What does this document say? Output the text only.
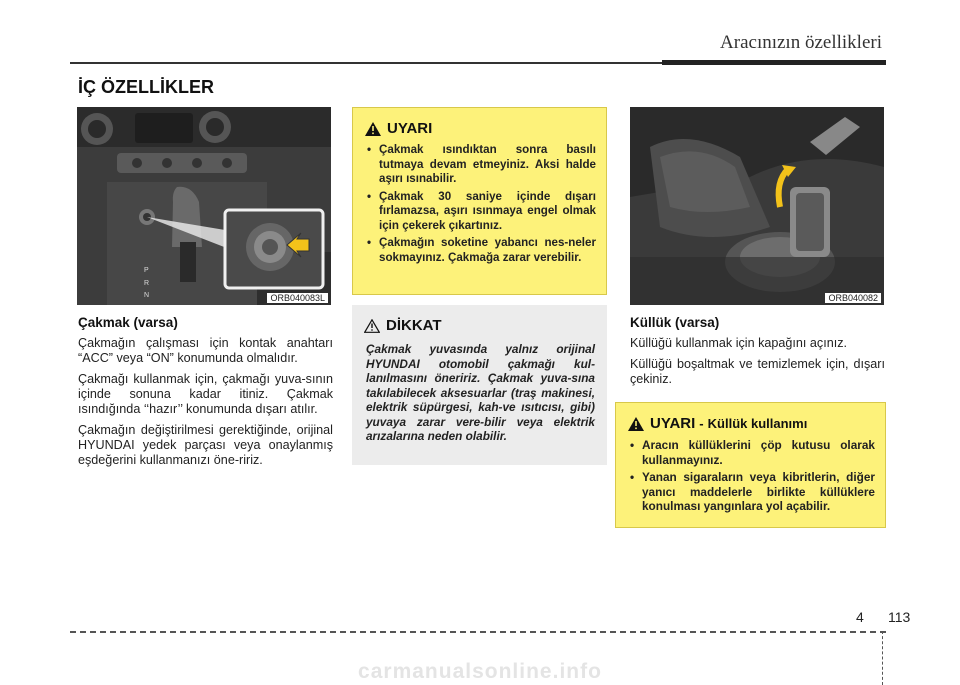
Aracınızın özellikleri
İÇ ÖZELLİKLER
P
R
N	ORB040083L
Çakmak (varsa)

Çakmağın çalışması için kontak anahtarı “ACC” veya “ON” konumunda olmalıdır.

Çakmağı kullanmak için, çakmağı yuva-sının içinde sonuna kadar itiniz. Çakmak ısındığında ‘‘hazır’’ konumunda dışarı atılır.

Çakmağın değiştirilmesi gerektiğinde, orijinal HYUNDAI yedek parçası veya onaylanmış eşdeğerini kullanmanızı öne-ririz.

UYARI
• Çakmak ısındıktan sonra basılı tutmaya devam etmeyiniz. Aksi halde aşırı ısınabilir.
• Çakmak 30 saniye içinde dışarı fırlamazsa, aşırı ısınmaya engel olmak için çekerek çıkartınız.
• Çakmağın soketine yabancı nes-neler sokmayınız. Çakmağa zarar verebilir.
DİKKAT
Çakmak yuvasında yalnız orijinal HYUNDAI otomobil çakmağı kul-lanılmasını öneririz. Çakmak yuva-sına takılabilecek aksesuarlar (traş makinesi, elektrik süpürgesi, kah-ve ısıtıcısı, gibi) yuvaya zarar vere-bilir veya elektrik arızalarına neden olabilir.
ORB040082
Küllük (varsa)

Küllüğü kullanmak için kapağını açınız.

Küllüğü boşaltmak ve temizlemek için, dışarı çekiniz.

UYARI - Küllük kullanımı
• Aracın küllüklerini çöp kutusu olarak kullanmayınız.
• Yanan sigaraların veya kibritlerin, diğer yanıcı maddelerle birlikte küllüklere konulması yangınlara yol açabilir.
4 113
carmanualsonline.info
